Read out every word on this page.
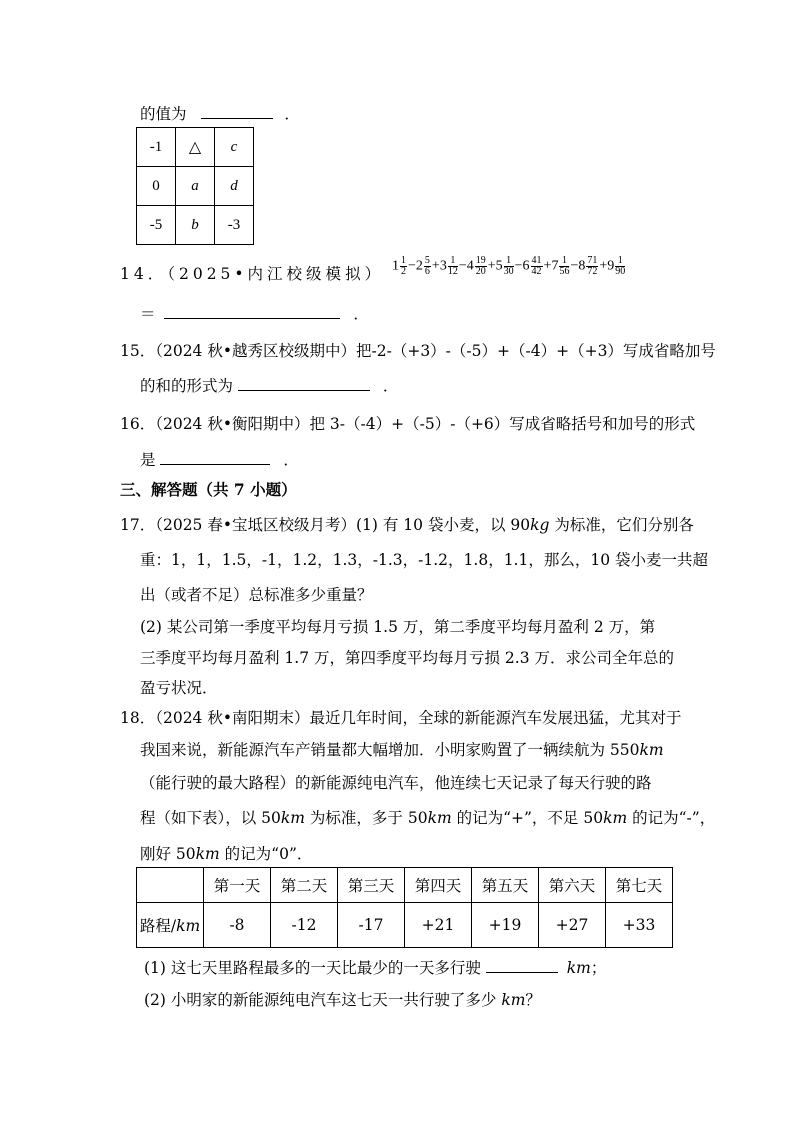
的值为	．
-1	△	c
0	a	d
-5	b	-3
14．（2025•内江校级模拟） $1 \frac{1}{2} -2 \frac{5}{6} +3 \frac{1}{12} -4 \frac{19}{20} +5 \frac{1}{30} -6 \frac{41}{42} +7 \frac{1}{56} -8 \frac{71}{72} +9 \frac{1}{90}$
＝	．
15．（2024 秋•越秀区校级期中）把-2-（+3）-（-5）+（-4）+（+3）写成省略加号
的和的形式为	．
16．（2024 秋•衡阳期中）把 3-（-4）+（-5）-（+6）写成省略括号和加号的形式
是	．
三、解答题（共 7 小题）
17．（2025 春•宝坻区校级月考）(1) 有 10 袋小麦，以 90kg 为标准，它们分别各
重：1，1，1.5，-1，1.2，1.3，-1.3，-1.2，1.8，1.1，那么，10 袋小麦一共超
出（或者不足）总标准多少重量？
(2) 某公司第一季度平均每月亏损 1.5 万，第二季度平均每月盈利 2 万，第
三季度平均每月盈利 1.7 万，第四季度平均每月亏损 2.3 万．求公司全年总的
盈亏状况．
18．（2024 秋•南阳期末）最近几年时间，全球的新能源汽车发展迅猛，尤其对于
我国来说，新能源汽车产销量都大幅增加．小明家购置了一辆续航为 550km
（能行驶的最大路程）的新能源纯电汽车，他连续七天记录了每天行驶的路
程（如下表），以 50km 为标准，多于 50km 的记为“+”，不足 50km 的记为“-”，
刚好 50km 的记为“0”．
	第一天	第二天	第三天	第四天	第五天	第六天	第七天
路程/km	-8	-12	-17	+21	+19	+27	+33
(1) 这七天里路程最多的一天比最少的一天多行驶	km；
(2) 小明家的新能源纯电汽车这七天一共行驶了多少 km？
